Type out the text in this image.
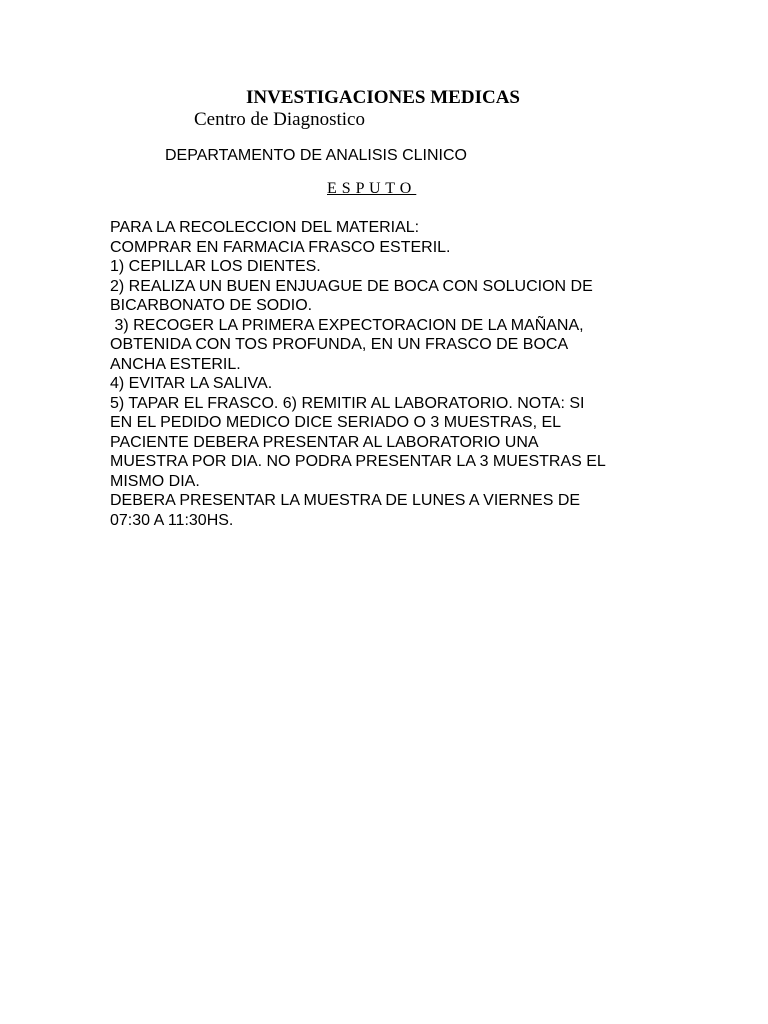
INVESTIGACIONES MEDICAS
Centro de Diagnostico
DEPARTAMENTO DE ANALISIS CLINICO
E S P U T O
PARA LA RECOLECCION DEL MATERIAL:
COMPRAR EN FARMACIA FRASCO ESTERIL.
1) CEPILLAR LOS DIENTES.
2) REALIZA UN BUEN ENJUAGUE DE BOCA CON SOLUCION DE
BICARBONATO DE SODIO.
3) RECOGER LA PRIMERA EXPECTORACION DE LA MAÑANA,
OBTENIDA CON TOS PROFUNDA, EN UN FRASCO DE BOCA
ANCHA ESTERIL.
4) EVITAR LA SALIVA.
5) TAPAR EL FRASCO. 6) REMITIR AL LABORATORIO. NOTA: SI
EN EL PEDIDO MEDICO DICE SERIADO O 3 MUESTRAS, EL
PACIENTE DEBERA PRESENTAR AL LABORATORIO UNA
MUESTRA POR DIA. NO PODRA PRESENTAR LA 3 MUESTRAS EL
MISMO DIA.
DEBERA PRESENTAR LA MUESTRA DE LUNES A VIERNES DE
07:30 A 11:30HS.
